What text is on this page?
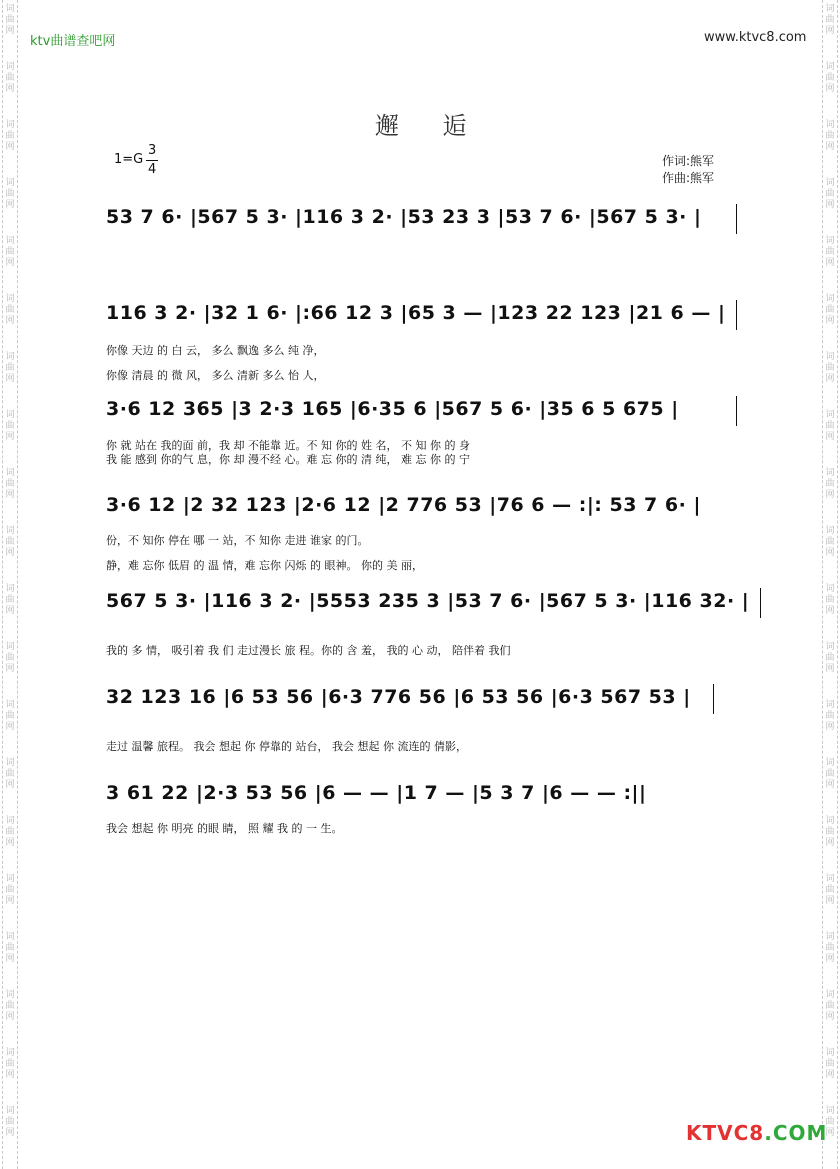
词
曲
网
词
曲
网
词
曲
网
词
曲
网
词
曲
网
词
曲
网
词
曲
网
词
曲
网
词
曲
网
词
曲
网
词
曲
网
词
曲
网
词
曲
网
词
曲
网
词
曲
网
词
曲
网
词
曲
网
词
曲
网
词
曲
网
词
曲
网
词
曲
网
词
曲
网
词
曲
网
词
曲
网
词
曲
网
词
曲
网
词
曲
网
词
曲
网
词
曲
网
词
曲
网
词
曲
网
词
曲
网
词
曲
网
词
曲
网
词
曲
网
词
曲
网
词
曲
网
词
曲
网
词
曲
网
词
曲
网
ktv曲谱查吧网	www.ktvc8.com
邂 逅
1=G
3
4
作词:熊军
作曲:熊军
53 7 6· |567 5 3· |116 3 2· |53 23 3 |53 7 6· |567 5 3· |
116 3 2· |32 1 6· |:66 12 3 |65 3 — |123 22 123 |21 6 — |
你像 天边 的 白 云， 多么 飘逸 多么 纯 净，
你像 清晨 的 微 风， 多么 清新 多么 怡 人，
3·6 12 365 |3 2·3 165 |6·35 6 |567 5 6· |35 6 5 675 |
你 就 站在 我的面 前，我 却 不能靠 近。不 知 你的 姓 名， 不 知 你 的 身
我 能 感到 你的气 息，你 却 漫不经 心。难 忘 你的 清 纯， 难 忘 你 的 宁
3·6 12 |2 32 123 |2·6 12 |2 776 53 |76 6 — :|: 53 7 6· |
份，不 知你 停在 哪 一 站，不 知你 走进 谁家 的门。
静，难 忘你 低眉 的 温 情，难 忘你 闪烁 的 眼神。 你的 美 丽，
567 5 3· |116 3 2· |5553 235 3 |53 7 6· |567 5 3· |116 32· |
我的 多 情， 吸引着 我 们 走过漫长 旅 程。你的 含 羞， 我的 心 动， 陪伴着 我们
32 123 16 |6 53 56 |6·3 776 56 |6 53 56 |6·3 567 53 |
走过 温馨 旅程。 我会 想起 你 停靠的 站台， 我会 想起 你 流连的 倩影，
3 61 22 |2·3 53 56 |6 — — |1 7 — |5 3 7 |6 — — :||
我会 想起 你 明亮 的眼 睛， 照 耀 我 的 一 生。
KTVC8.COM
